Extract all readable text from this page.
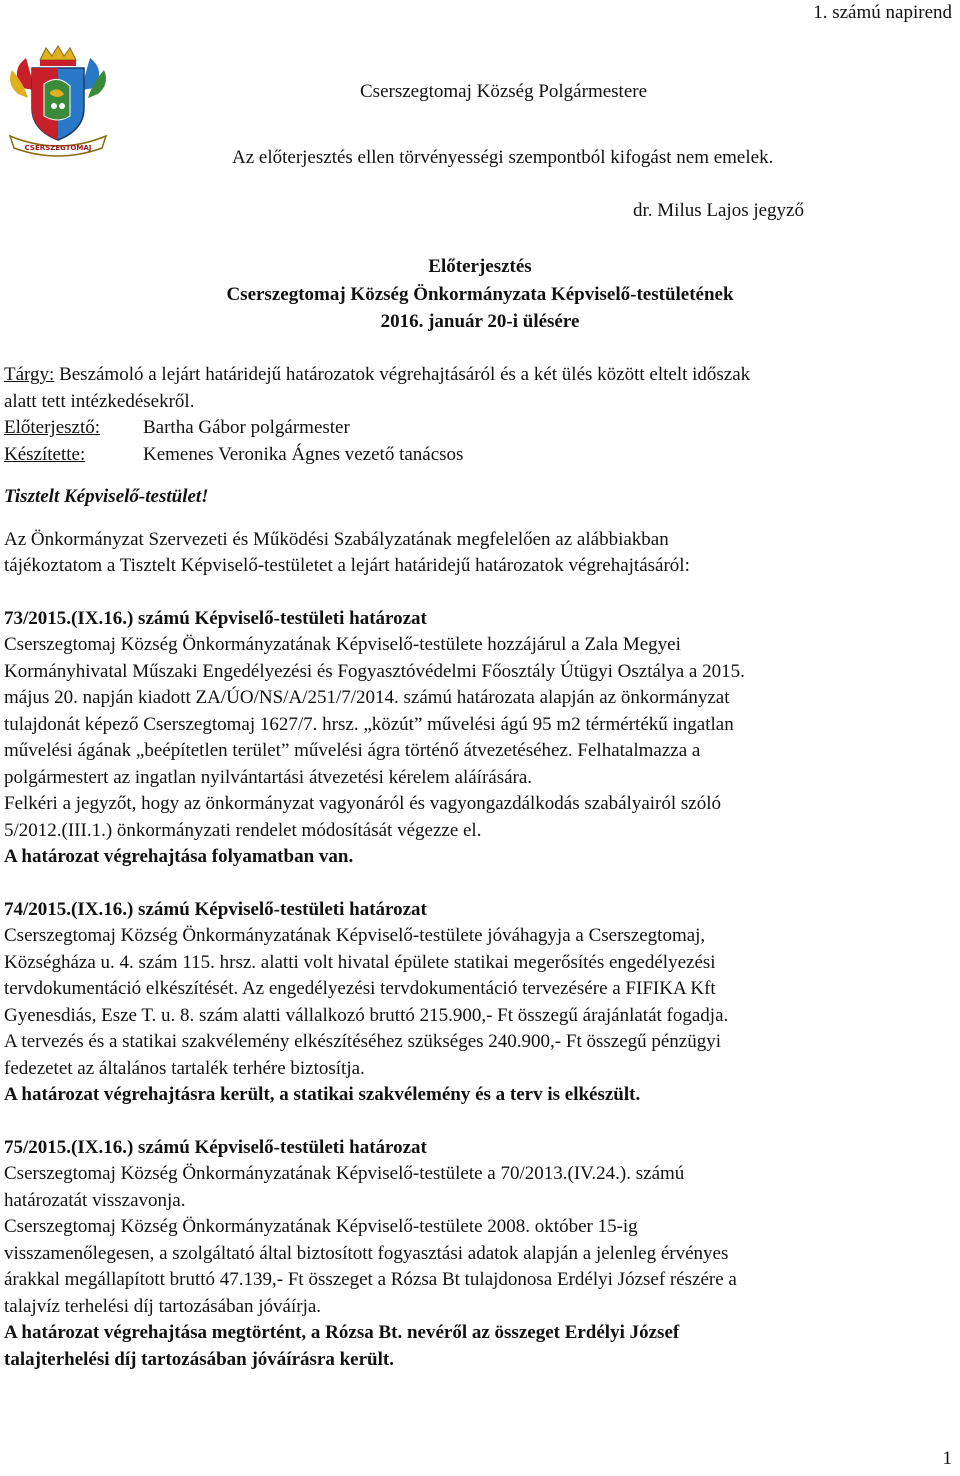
1. számú napirend
CSERSZEGTOMAJ
Cserszegtomaj Község Polgármestere
Az előterjesztés ellen törvényességi szempontból kifogást nem emelek.
dr. Milus Lajos jegyző
Előterjesztés
Cserszegtomaj Község Önkormányzata Képviselő-testületének
2016. január 20-i ülésére
Tárgy: Beszámoló a lejárt határidejű határozatok végrehajtásáról és a két ülés között eltelt időszak
alatt tett intézkedésekről.
Előterjesztő:	Bartha Gábor polgármester
Készítette:	Kemenes Veronika Ágnes vezető tanácsos
Tisztelt Képviselő-testület!
Az Önkormányzat Szervezeti és Működési Szabályzatának megfelelően az alábbiakban
tájékoztatom a Tisztelt Képviselő-testületet a lejárt határidejű határozatok végrehajtásáról:
73/2015.(IX.16.) számú Képviselő-testületi határozat
Cserszegtomaj Község Önkormányzatának Képviselő-testülete hozzájárul a Zala Megyei
Kormányhivatal Műszaki Engedélyezési és Fogyasztóvédelmi Főosztály Útügyi Osztálya a 2015.
május 20. napján kiadott ZA/ÚO/NS/A/251/7/2014. számú határozata alapján az önkormányzat
tulajdonát képező Cserszegtomaj 1627/7. hrsz. „közút” művelési ágú 95 m2 térmértékű ingatlan
művelési ágának „beépítetlen terület” művelési ágra történő átvezetéséhez. Felhatalmazza a
polgármestert az ingatlan nyilvántartási átvezetési kérelem aláírására.
Felkéri a jegyzőt, hogy az önkormányzat vagyonáról és vagyongazdálkodás szabályairól szóló
5/2012.(III.1.) önkormányzati rendelet módosítását végezze el.
A határozat végrehajtása folyamatban van.
74/2015.(IX.16.) számú Képviselő-testületi határozat
Cserszegtomaj Község Önkormányzatának Képviselő-testülete jóváhagyja a Cserszegtomaj,
Községháza u. 4. szám 115. hrsz. alatti volt hivatal épülete statikai megerősítés engedélyezési
tervdokumentáció elkészítését. Az engedélyezési tervdokumentáció tervezésére a FIFIKA Kft
Gyenesdiás, Esze T. u. 8. szám alatti vállalkozó bruttó 215.900,- Ft összegű árajánlatát fogadja.
A tervezés és a statikai szakvélemény elkészítéséhez szükséges 240.900,- Ft összegű pénzügyi
fedezetet az általános tartalék terhére biztosítja.
A határozat végrehajtásra került, a statikai szakvélemény és a terv is elkészült.
75/2015.(IX.16.) számú Képviselő-testületi határozat
Cserszegtomaj Község Önkormányzatának Képviselő-testülete a 70/2013.(IV.24.). számú
határozatát visszavonja.
Cserszegtomaj Község Önkormányzatának Képviselő-testülete 2008. október 15-ig
visszamenőlegesen, a szolgáltató által biztosított fogyasztási adatok alapján a jelenleg érvényes
árakkal megállapított bruttó 47.139,- Ft összeget a Rózsa Bt tulajdonosa Erdélyi József részére a
talajvíz terhelési díj tartozásában jóváírja.
A határozat végrehajtása megtörtént, a Rózsa Bt. nevéről az összeget Erdélyi József
talajterhelési díj tartozásában jóváírásra került.
1
